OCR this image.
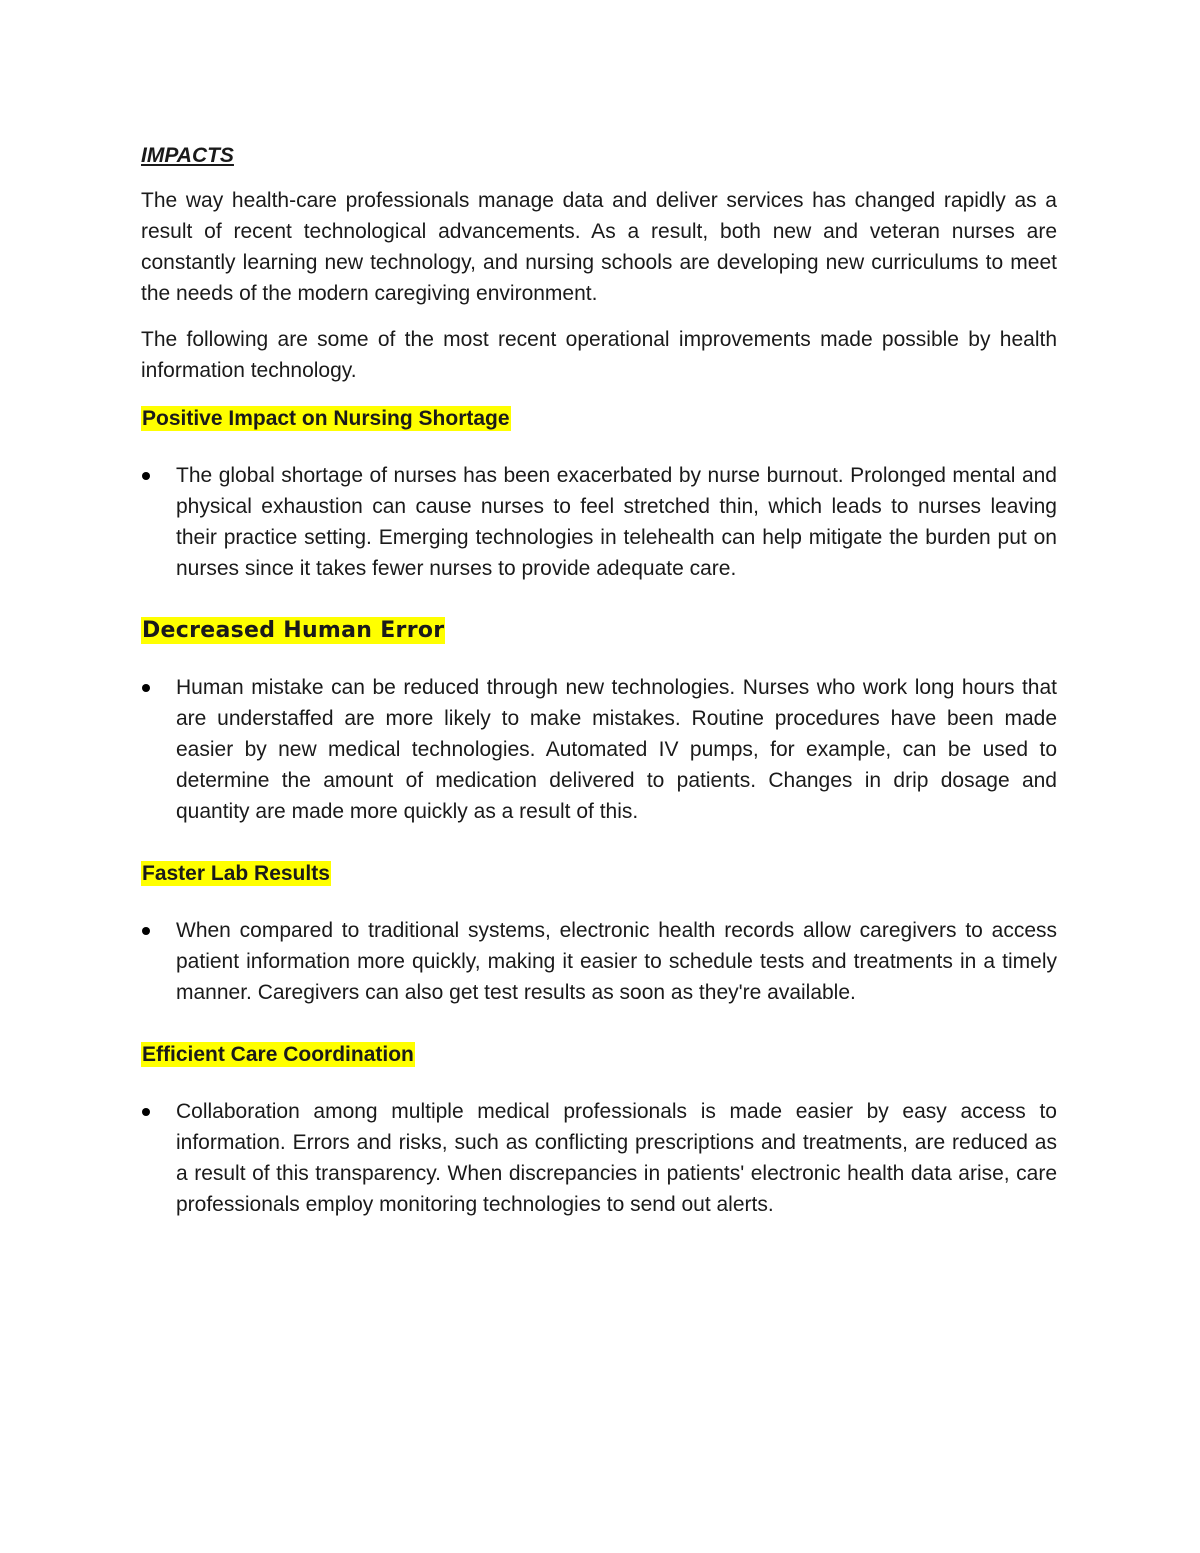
IMPACTS

The way health-care professionals manage data and deliver services has changed rapidly as a result of recent technological advancements. As a result, both new and veteran nurses are constantly learning new technology, and nursing schools are developing new curriculums to meet the needs of the modern caregiving environment.

The following are some of the most recent operational improvements made possible by health information technology.

Positive Impact on Nursing Shortage
The global shortage of nurses has been exacerbated by nurse burnout. Prolonged mental and physical exhaustion can cause nurses to feel stretched thin, which leads to nurses leaving their practice setting. Emerging technologies in telehealth can help mitigate the burden put on nurses since it takes fewer nurses to provide adequate care.
Decreased Human Error
Human mistake can be reduced through new technologies. Nurses who work long hours that are understaffed are more likely to make mistakes. Routine procedures have been made easier by new medical technologies. Automated IV pumps, for example, can be used to determine the amount of medication delivered to patients. Changes in drip dosage and quantity are made more quickly as a result of this.
Faster Lab Results
When compared to traditional systems, electronic health records allow caregivers to access patient information more quickly, making it easier to schedule tests and treatments in a timely manner. Caregivers can also get test results as soon as they're available.
Efficient Care Coordination
Collaboration among multiple medical professionals is made easier by easy access to information. Errors and risks, such as conflicting prescriptions and treatments, are reduced as a result of this transparency. When discrepancies in patients' electronic health data arise, care professionals employ monitoring technologies to send out alerts.
